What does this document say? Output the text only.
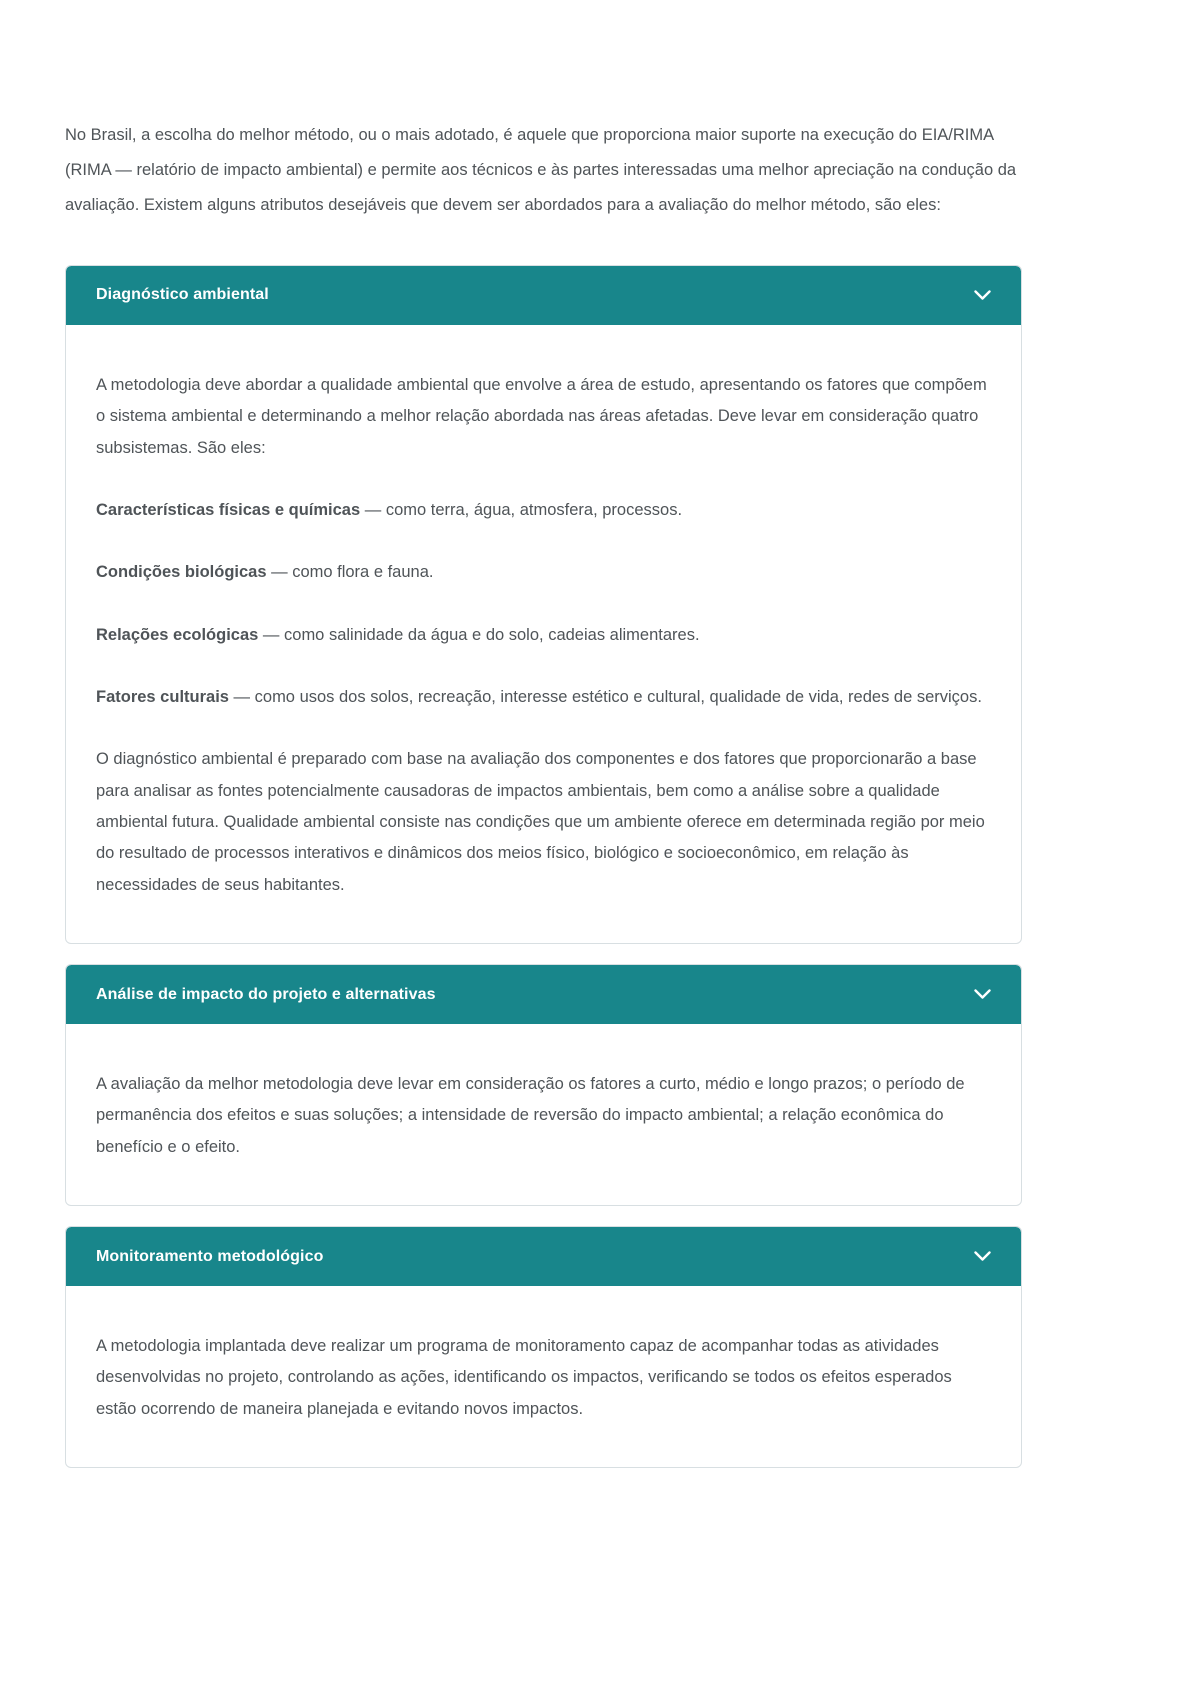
No Brasil, a escolha do melhor método, ou o mais adotado, é aquele que proporciona maior suporte na execução do EIA/RIMA (RIMA — relatório de impacto ambiental) e permite aos técnicos e às partes interessadas uma melhor apreciação na condução da avaliação. Existem alguns atributos desejáveis que devem ser abordados para a avaliação do melhor método, são eles:

Diagnóstico ambiental

A metodologia deve abordar a qualidade ambiental que envolve a área de estudo, apresentando os fatores que compõem o sistema ambiental e determinando a melhor relação abordada nas áreas afetadas. Deve levar em consideração quatro subsistemas. São eles:

Características físicas e químicas — como terra, água, atmosfera, processos.

Condições biológicas — como flora e fauna.

Relações ecológicas — como salinidade da água e do solo, cadeias alimentares.

Fatores culturais — como usos dos solos, recreação, interesse estético e cultural, qualidade de vida, redes de serviços.

O diagnóstico ambiental é preparado com base na avaliação dos componentes e dos fatores que proporcionarão a base para analisar as fontes potencialmente causadoras de impactos ambientais, bem como a análise sobre a qualidade ambiental futura. Qualidade ambiental consiste nas condições que um ambiente oferece em determinada região por meio do resultado de processos interativos e dinâmicos dos meios físico, biológico e socioeconômico, em relação às necessidades de seus habitantes.

Análise de impacto do projeto e alternativas

A avaliação da melhor metodologia deve levar em consideração os fatores a curto, médio e longo prazos; o período de permanência dos efeitos e suas soluções; a intensidade de reversão do impacto ambiental; a relação econômica do benefício e o efeito.

Monitoramento metodológico

A metodologia implantada deve realizar um programa de monitoramento capaz de acompanhar todas as atividades desenvolvidas no projeto, controlando as ações, identificando os impactos, verificando se todos os efeitos esperados estão ocorrendo de maneira planejada e evitando novos impactos.
